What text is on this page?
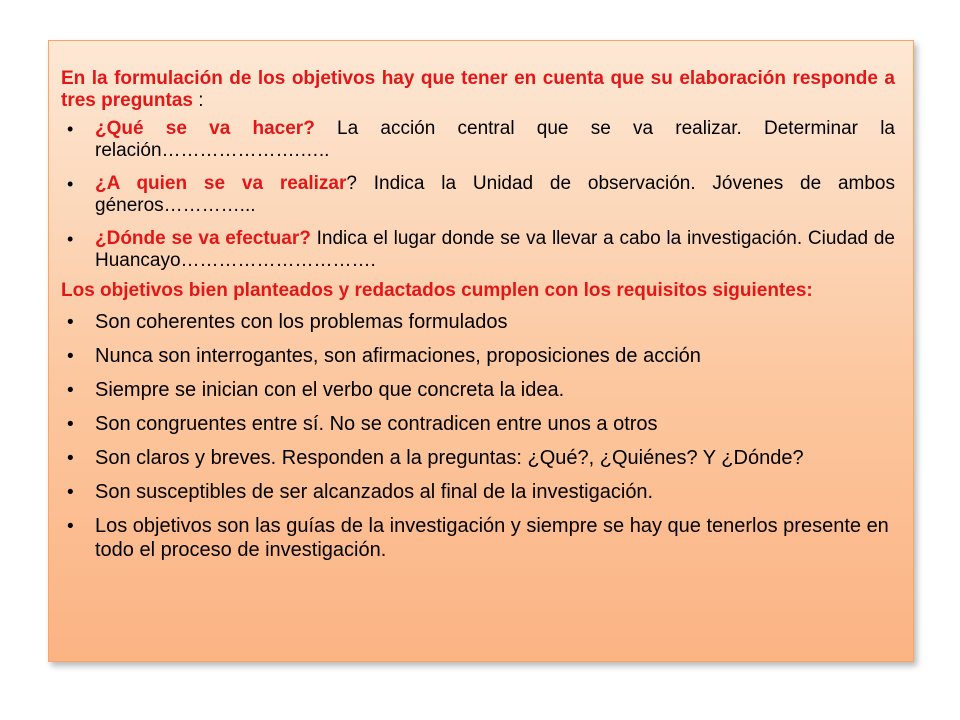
En la formulación de los objetivos hay que tener en cuenta que su elaboración responde a tres preguntas :

• ¿Qué se va hacer? La acción central que se va realizar. Determinar la relación………………….…..
• ¿A quien se va realizar? Indica la Unidad de observación. Jóvenes de ambos géneros…………...
• ¿Dónde se va efectuar? Indica el lugar donde se va llevar a cabo la investigación. Ciudad de Huancayo………………………….

Los objetivos bien planteados y redactados cumplen con los requisitos siguientes:

• Son coherentes con los problemas formulados
• Nunca son interrogantes, son afirmaciones, proposiciones de acción
• Siempre se inician con el verbo que concreta la idea.
• Son congruentes entre sí. No se contradicen entre unos a otros
• Son claros y breves. Responden a la preguntas: ¿Qué?, ¿Quiénes? Y ¿Dónde?
• Son susceptibles de ser alcanzados al final de la investigación.
• Los objetivos son las guías de la investigación y siempre se hay que tenerlos presente en todo el proceso de investigación.
